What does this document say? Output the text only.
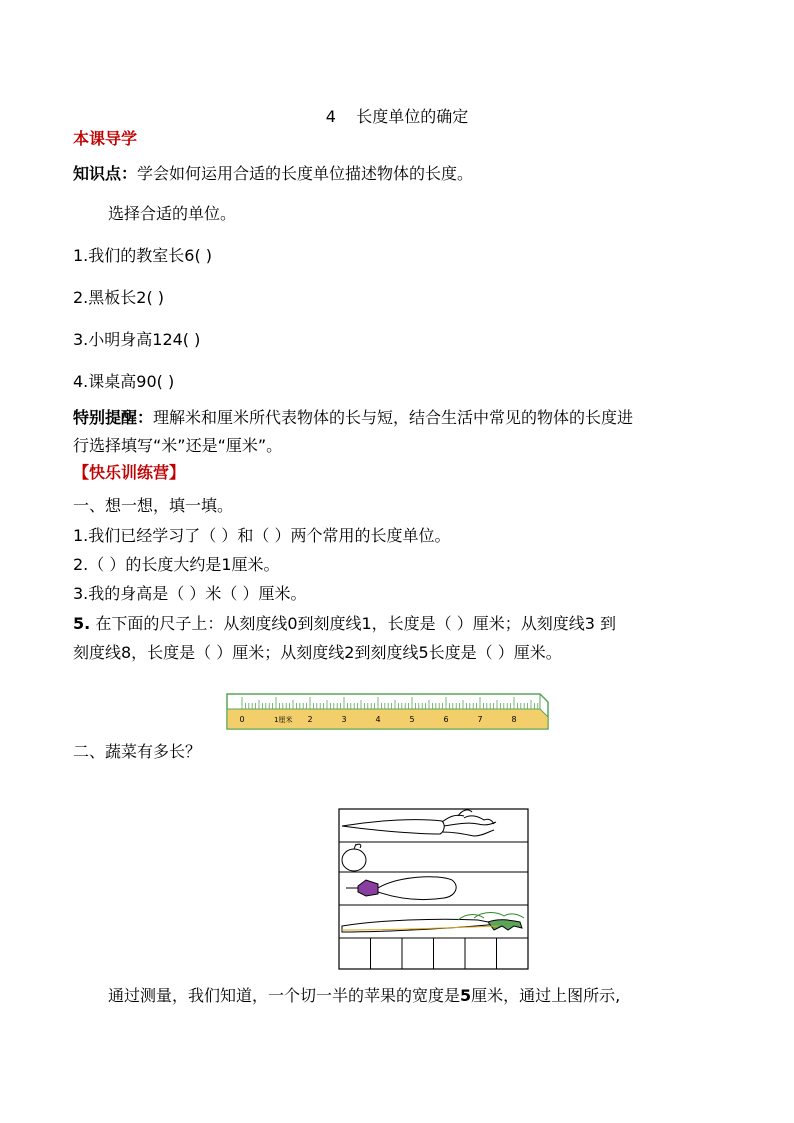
4 长度单位的确定
本课导学
知识点：学会如何运用合适的长度单位描述物体的长度。
选择合适的单位。
1.我们的教室长6( )
2.黑板长2( )
3.小明身高124( )
4.课桌高90( )
特别提醒：理解米和厘米所代表物体的长与短，结合生活中常见的物体的长度进
行选择填写“米”还是“厘米”。
【快乐训练营】
一、想一想，填一填。
1.我们已经学习了（ ）和（ ）两个常用的长度单位。
2.（ ）的长度大约是1厘米。
3.我的身高是（ ）米（ ）厘米。
5. 在下面的尺子上：从刻度线0到刻度线1，长度是（ ）厘米；从刻度线3 到
刻度线8，长度是（ ）厘米；从刻度线2到刻度线5长度是（ ）厘米。
0	1厘米 2	3	4	5	6	7	8
二、蔬菜有多长？
通过测量，我们知道，一个切一半的苹果的宽度是5厘米，通过上图所示,
